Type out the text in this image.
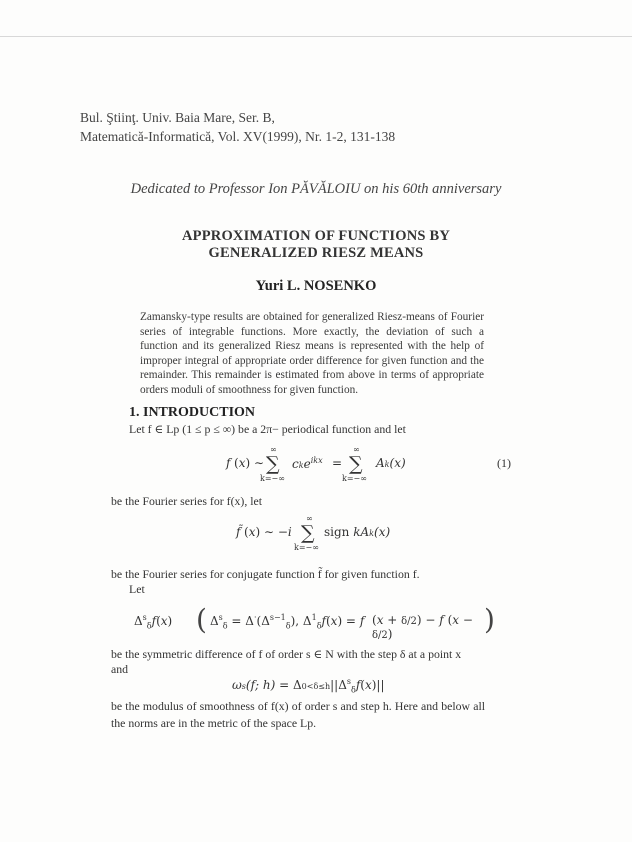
Bul. Ştiinţ. Univ. Baia Mare, Ser. B,
Matematică-Informatică, Vol. XV(1999), Nr. 1-2, 131-138
Dedicated to Professor Ion PĂVĂLOIU on his 60th anniversary
APPROXIMATION OF FUNCTIONS BY
GENERALIZED RIESZ MEANS
Yuri L. NOSENKO
Zamansky-type results are obtained for generalized Riesz-means of Fourier series of integrable functions. More exactly, the deviation of such a function and its generalized Riesz means is represented with the help of improper integral of appropriate order difference for given function and the remainder. This remainder is estimated from above in terms of appropriate orders moduli of smoothness for given function.
1. INTRODUCTION
Let f ∈ Lp (1 ≤ p ≤ ∞) be a 2π− periodical function and let
f (x) ∼
∞
∑
k=−∞
cke$^{ikx}$ =
∞
∑
k=−∞
Ak(x)	(1)
be the Fourier series for f(x), let
f̃ (x) ∼ −i
∞
∑
k=−∞
sign kAk(x)
be the Fourier series for conjugate function f̃ for given function f.
Let
$\Delta^s_\delta f(x)$ ( $\Delta^s_\delta = \Delta^\cdot(\Delta^{s-1}_\delta)$, $\Delta^1_\delta f(x) = f$ (x + δ/2) − f (x − δ/2)	)
be the symmetric difference of f of order s ∈ N with the step δ at a point x
and
ωs(f; $h) = \Delta 0<\delta\le h||\Delta^s_\delta f(x)||$
be the modulus of smoothness of f(x) of order s and step h. Here and below all the norms are in the metric of the space Lp.
